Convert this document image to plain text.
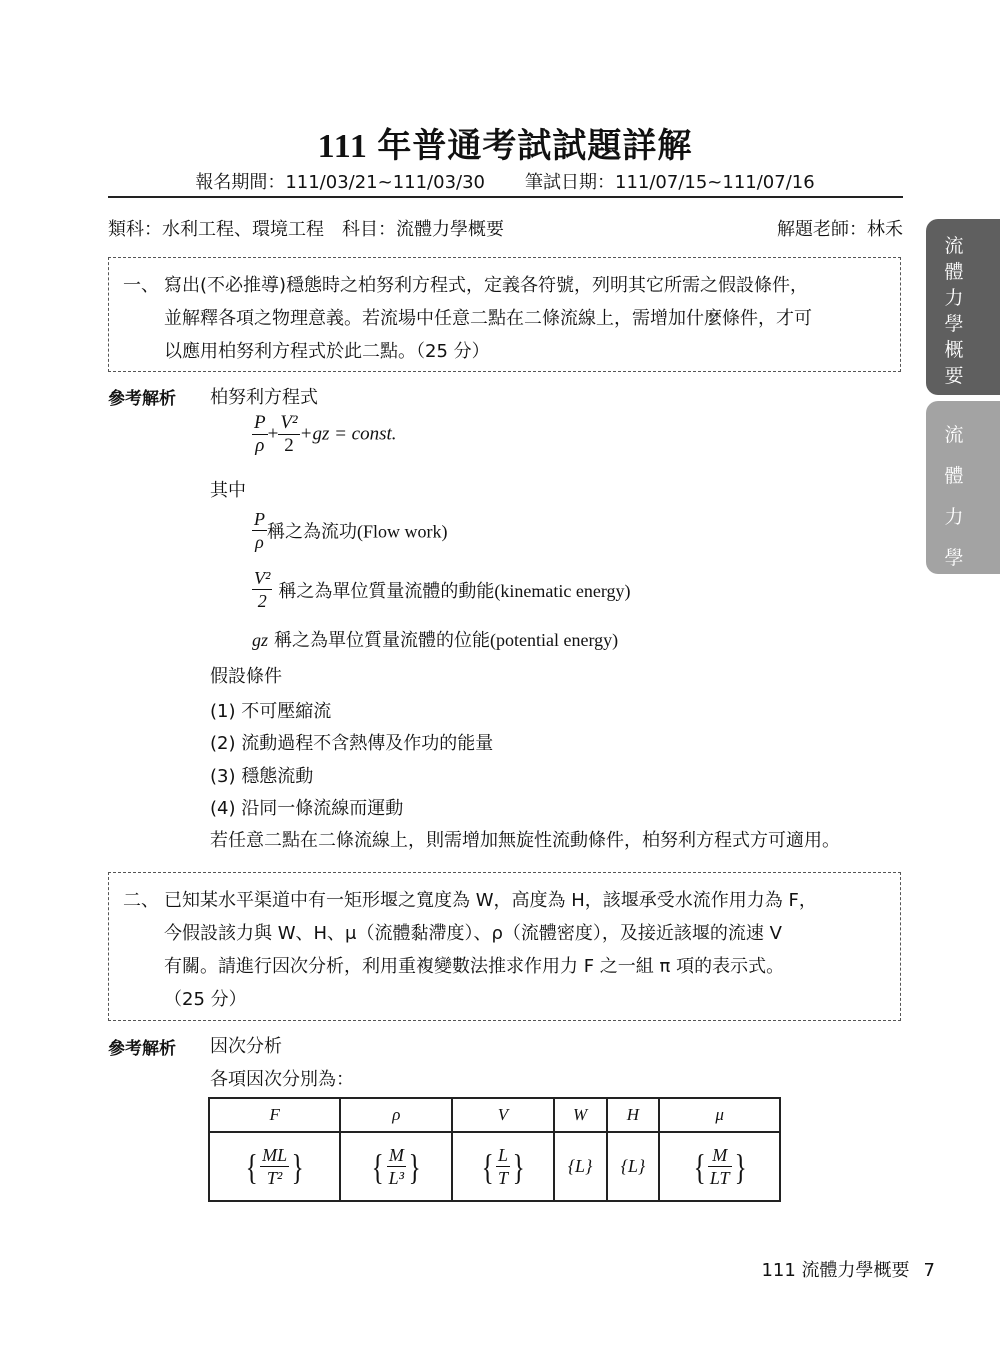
111 年普通考試試題詳解
報名期間：111/03/21~111/03/30 筆試日期：111/07/15~111/07/16
類科：水利工程、環境工程　科目：流體力學概要	解題老師：林禾
流
體
力
學
概
要
流
體
力
學
一、 寫出(不必推導)穩態時之柏努利方程式，定義各符號，列明其它所需之假設條件，
並解釋各項之物理意義。若流場中任意二點在二條流線上，需增加什麼條件，才可
以應用柏努利方程式於此二點。（25 分）
參考解析 柏努利方程式
$\frac{P}{\rho} + \frac{\text{V²}}{2} +gz$ = const.
其中
$\frac{P}{\rho}$ 稱之為流功(Flow work)
$\frac{\text{V²}}{2}$ 稱之為單位質量流體的動能(kinematic energy)
gz 稱之為單位質量流體的位能(potential energy)
假設條件
(1) 不可壓縮流
(2) 流動過程不含熱傳及作功的能量
(3) 穩態流動
(4) 沿同一條流線而運動
若任意二點在二條流線上，則需增加無旋性流動條件，柏努利方程式方可適用。
二、 已知某水平渠道中有一矩形堰之寬度為 W，高度為 H，該堰承受水流作用力為 F，
今假設該力與 W、H、μ（流體黏滯度）、ρ（流體密度），及接近該堰的流速 V
有關。請進行因次分析，利用重複變數法推求作用力 F 之一組 π 項的表示式。
（25 分）
參考解析 因次分析
各項因次分別為：
F	ρ	V	W	H	μ
{ $\frac{ML}{\text{T²}}$ }	{ $\frac{M}{\text{L³}}$ }	{ $\frac{L}{T}$ }	{L}	{L}	{ $\frac{M}{LT}$ }
111 流體力學概要 7
